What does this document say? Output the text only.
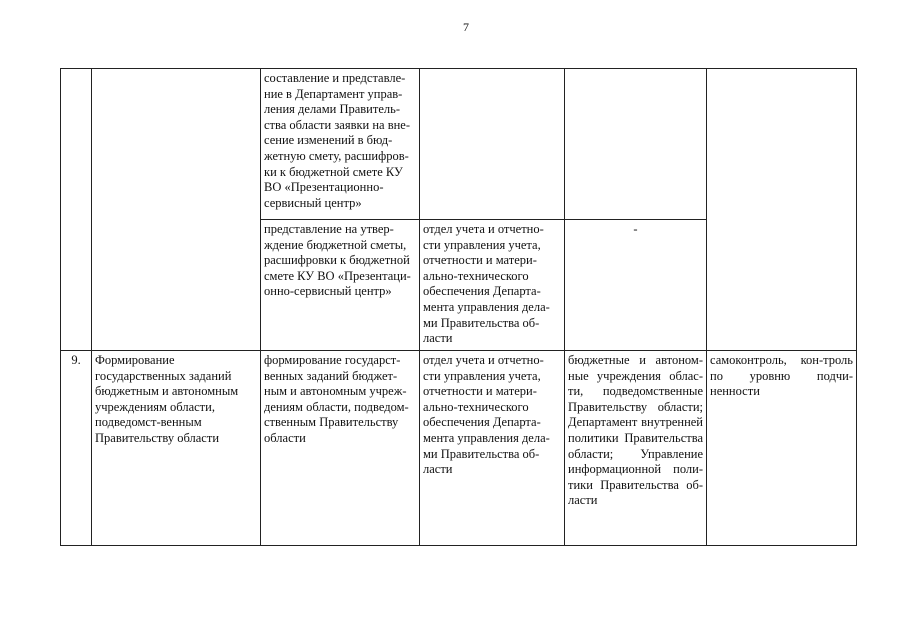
7
		составление и представле-ние в Департамент управ-ления делами Правитель-ства области заявки на вне-сение изменений в бюд-жетную смету, расшифров-ки к бюджетной смете КУ ВО «Презентационно-сервисный центр»			
		представление на утвер-ждение бюджетной сметы, расшифровки к бюджетной смете КУ ВО «Презентаци-онно-сервисный центр»	отдел учета и отчетно-сти управления учета, отчетности и матери-ально-технического обеспечения Департа-мента управления дела-ми Правительства об-ласти	-	
9.	Формирование государственных заданий бюджетным и автономным учреждениям области, подведомст-венным Правительству области	формирование государст-венных заданий бюджет-ным и автономным учреж-дениям области, подведом-ственным Правительству области	отдел учета и отчетно-сти управления учета, отчетности и матери-ально-технического обеспечения Департа-мента управления дела-ми Правительства об-ласти	бюджетные и автоном-ные учреждения облас-ти, подведомственные Правительству области; Департамент внутренней политики Правительства области; Управление информационной поли-тики Правительства об-ласти	самоконтроль, кон-троль по уровню подчи-ненности
